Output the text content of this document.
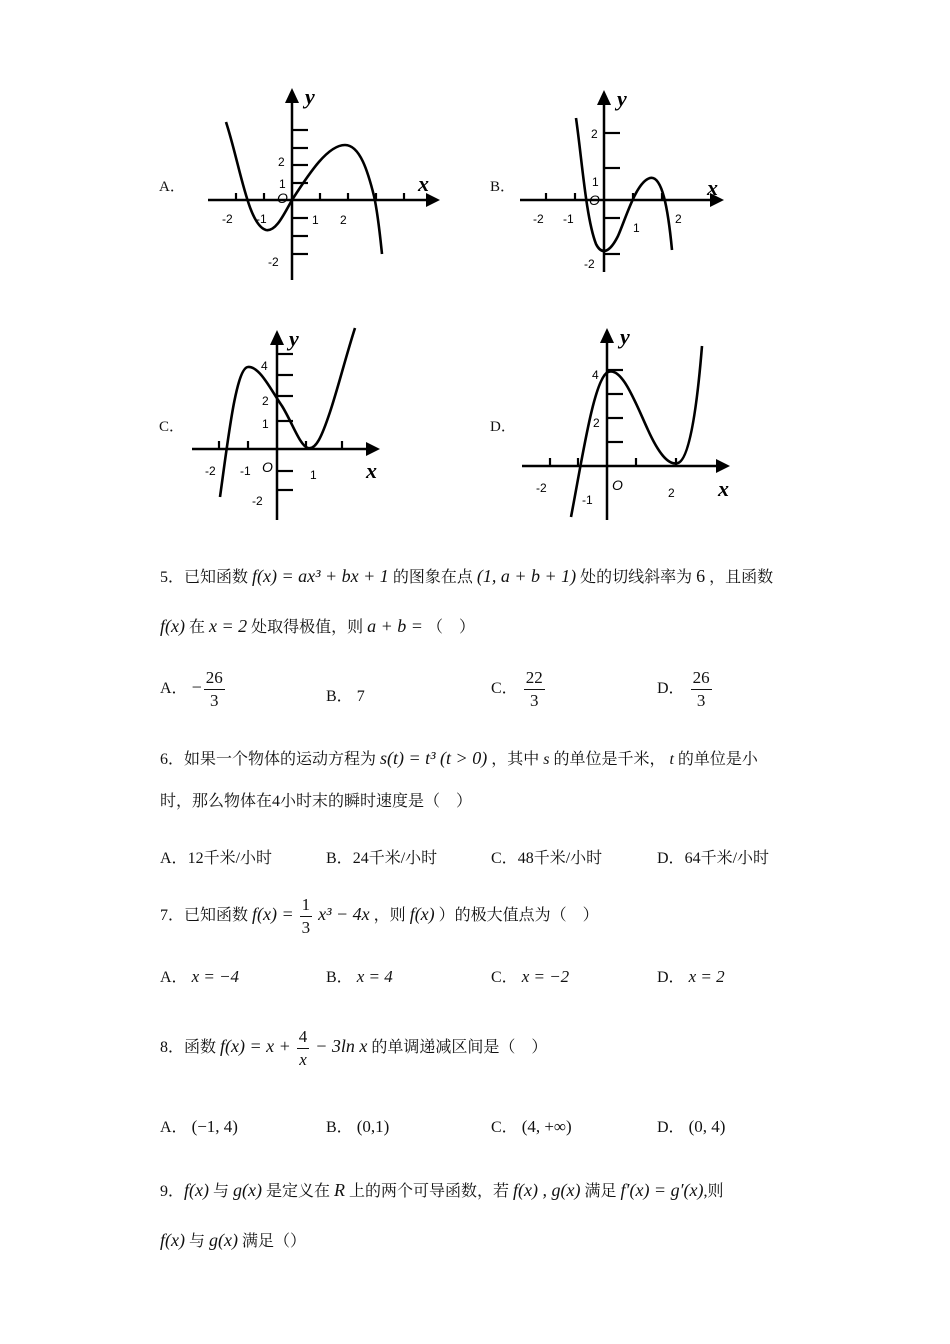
A．	B．
C．	D．
-2 -1	1 2
2
1
-2
O
x
y
-2 -1
1
2
2
1
-2
O	x
y
-2 -1	1
4
2
1
-2
O	x
y
-2
-1	2
4
2
O	x
y
5．已知函数 f(x) = ax³ + bx + 1 的图象在点 (1, a + b + 1) 处的切线斜率为 6 ，且函数
f(x) 在 x = 2 处取得极值，则 a + b = （　）
A． − $\frac{26}{3}$	B． 7	C． $\frac{22}{3}$	D． $\frac{26}{3}$
6．如果一个物体的运动方程为 s(t) = t³ (t > 0) ，其中 s 的单位是千米， t 的单位是小
时，那么物体在4小时末的瞬时速度是（　）
A．12千米/小时	B．24千米/小时	C．48千米/小时	D．64千米/小时
7．已知函数 $f(x) = \frac{1}{3} x^3 - 4x$ ，则 f(x) ）的极大值点为（　）
A． x = −4	B． x = 4	C． x = −2	D． x = 2
8．函数 $f(x) = x + \frac{4}{x} - 3\ln$ x 的单调递减区间是（　）
A． (−1, 4)	B． (0,1)	C． (4, +∞)	D． (0, 4)
9．f(x) 与 g(x) 是定义在 R 上的两个可导函数，若 f(x) , g(x) 满足 f′(x) = g′(x),则
f(x) 与 g(x) 满足（）
